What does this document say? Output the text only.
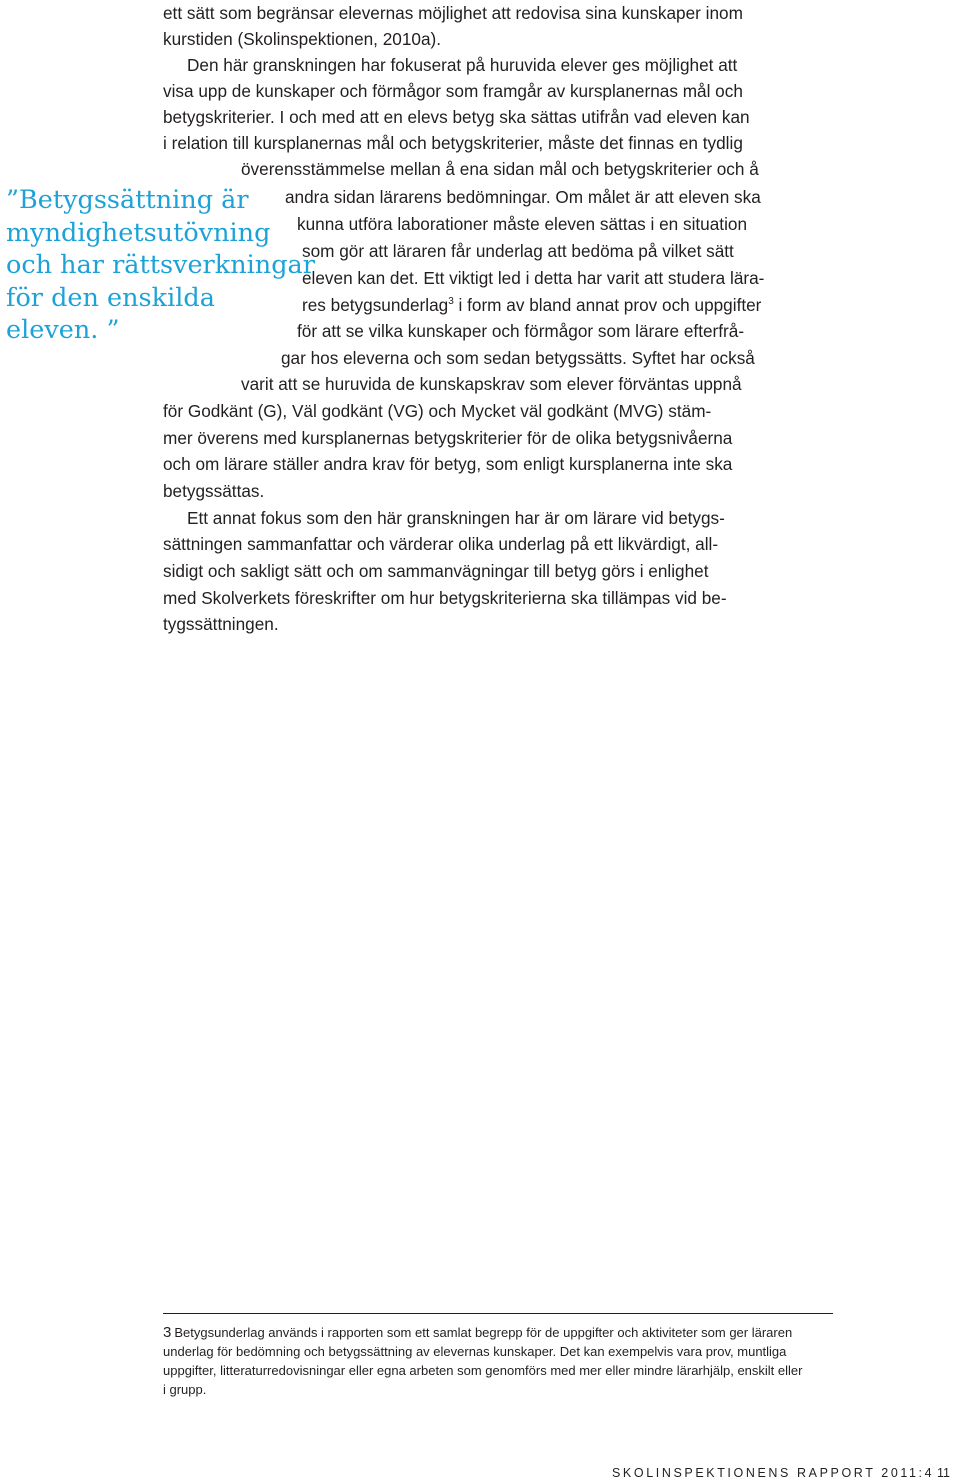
ett sätt som begränsar elevernas möjlighet att redovisa sina kunskaper inom
kurstiden (Skolinspektionen, 2010a).
Den här granskningen har fokuserat på huruvida elever ges möjlighet att
visa upp de kunskaper och förmågor som framgår av kursplanernas mål och
betygskriterier. I och med att en elevs betyg ska sättas utifrån vad eleven kan
i relation till kursplanernas mål och betygskriterier, måste det finnas en tydlig
överensstämmelse mellan å ena sidan mål och betygskriterier och å
andra sidan lärarens bedömningar. Om målet är att eleven ska
kunna utföra laborationer måste eleven sättas i en situation
som gör att läraren får underlag att bedöma på vilket sätt
eleven kan det. Ett viktigt led i detta har varit att studera lära-
res betygsunderlag$^3$ i form av bland annat prov och uppgifter
för att se vilka kunskaper och förmågor som lärare efterfrå-
gar hos eleverna och som sedan betygssätts. Syftet har också
varit att se huruvida de kunskapskrav som elever förväntas uppnå
för Godkänt (G), Väl godkänt (VG) och Mycket väl godkänt (MVG) stäm-
mer överens med kursplanernas betygskriterier för de olika betygsnivåerna
och om lärare ställer andra krav för betyg, som enligt kursplanerna inte ska
betygssättas.
Ett annat fokus som den här granskningen har är om lärare vid betygs-
sättningen sammanfattar och värderar olika underlag på ett likvärdigt, all-
sidigt och sakligt sätt och om sammanvägningar till betyg görs i enlighet
med Skolverkets föreskrifter om hur betygskriterierna ska tillämpas vid be-
tygssättningen.
”Betygssättning är
myndighetsutövning
och har rättsverkningar
för den enskilda
eleven. ”
3 Betygsunderlag används i rapporten som ett samlat begrepp för de uppgifter och aktiviteter som ger läraren
underlag för bedömning och betygssättning av elevernas kunskaper. Det kan exempelvis vara prov, muntliga
uppgifter, litteraturredovisningar eller egna arbeten som genomförs med mer eller mindre lärarhjälp, enskilt eller
i grupp.
SKOLINSPEKTIONENS RAPPORT 2011:4 11
